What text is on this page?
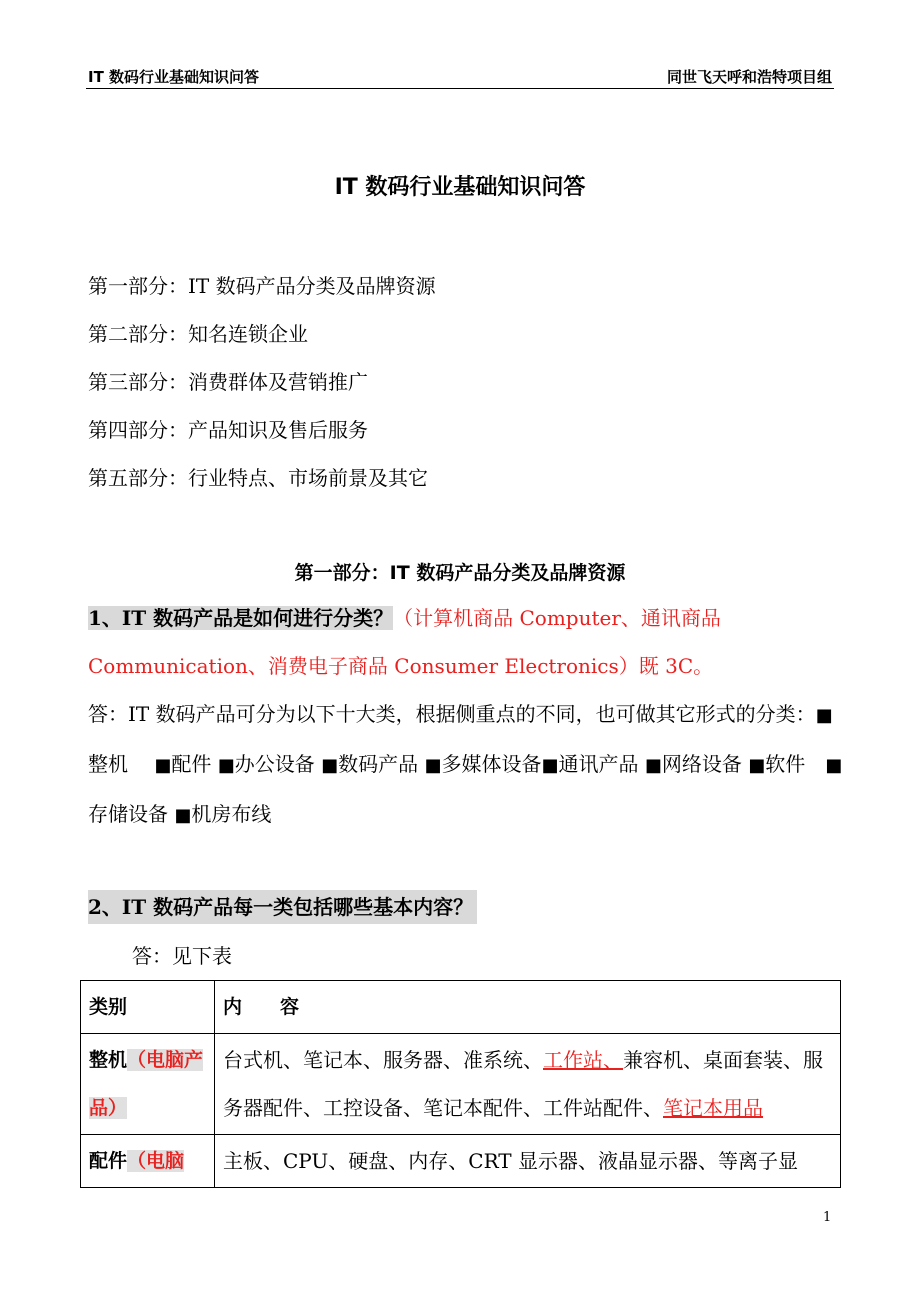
IT 数码行业基础知识问答	同世飞天呼和浩特项目组
IT 数码行业基础知识问答
第一部分：IT 数码产品分类及品牌资源
第二部分：知名连锁企业
第三部分：消费群体及营销推广
第四部分：产品知识及售后服务
第五部分：行业特点、市场前景及其它
第一部分：IT 数码产品分类及品牌资源

1、IT 数码产品是如何进行分类？（计算机商品 Computer、通讯商品
Communication、消费电子商品 Consumer Electronics）既 3C。

答：IT 数码产品可分为以下十大类，根据侧重点的不同，也可做其它形式的分类：■整机　 ■配件 ■办公设备 ■数码产品 ■多媒体设备■通讯产品 ■网络设备 ■软件　 ■存储设备 ■机房布线

2、IT 数码产品每一类包括哪些基本内容？
答：见下表
类别	内　　容
整机（电脑产品）	台式机、笔记本、服务器、准系统、工作站、兼容机、桌面套装、服务器配件、工控设备、笔记本配件、工件站配件、笔记本用品
配件（电脑	主板、CPU、硬盘、内存、CRT 显示器、液晶显示器、等离子显
1
